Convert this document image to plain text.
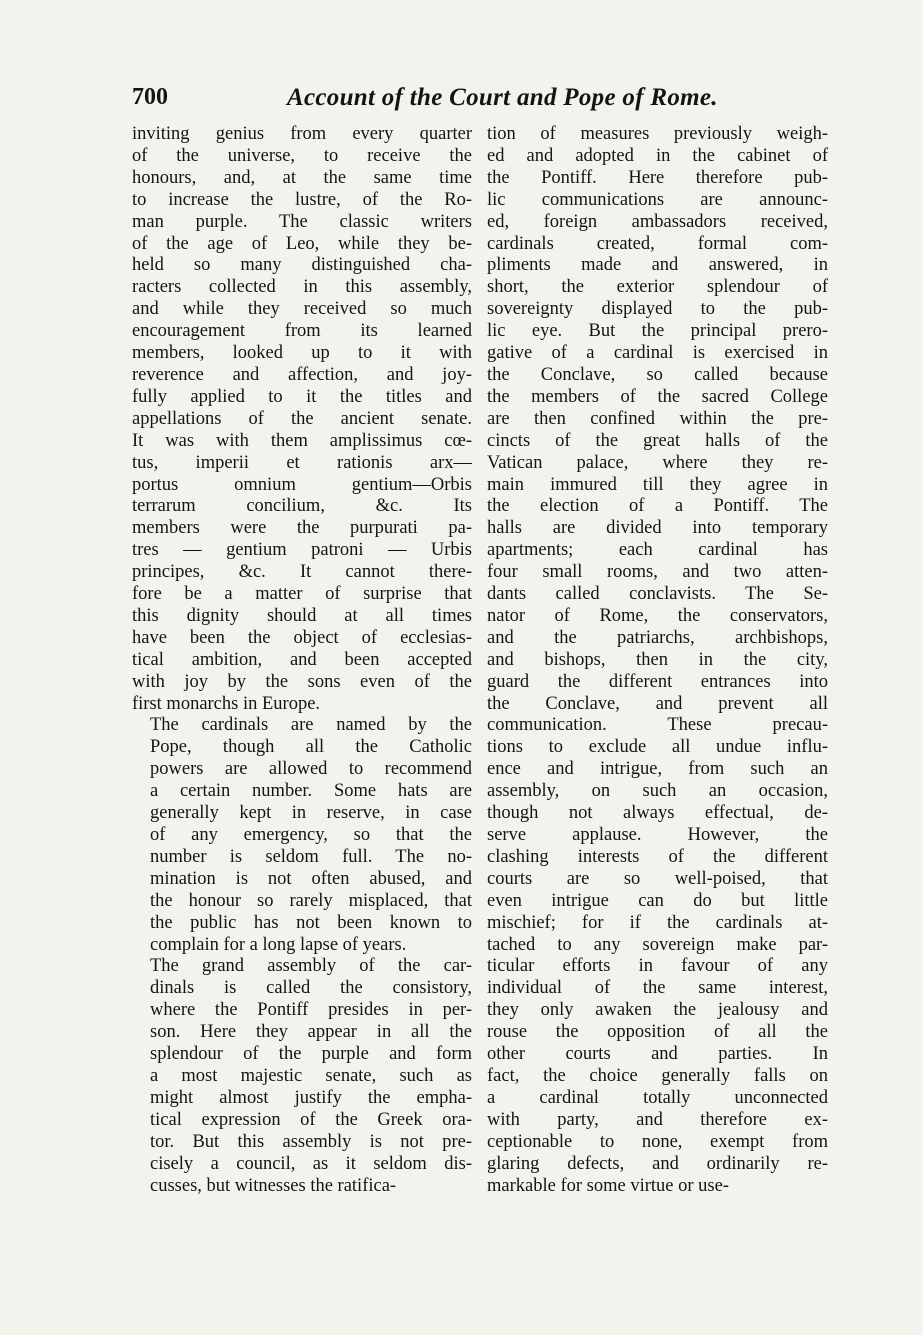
700	Account of the Court and Pope of Rome.

inviting genius from every quarter
of the universe, to receive the
honours, and, at the same time
to increase the lustre, of the Ro-
man purple. The classic writers
of the age of Leo, while they be-
held so many distinguished cha-
racters collected in this assembly,
and while they received so much
encouragement from its learned
members, looked up to it with
reverence and affection, and joy-
fully applied to it the titles and
appellations of the ancient senate.
It was with them amplissimus cœ-
tus, imperii et rationis arx—
portus omnium gentium—Orbis
terrarum concilium, &c. Its
members were the purpurati pa-
tres — gentium patroni — Urbis
principes, &c. It cannot there-
fore be a matter of surprise that
this dignity should at all times
have been the object of ecclesias-
tical ambition, and been accepted
with joy by the sons even of the
first monarchs in Europe.

The cardinals are named by the
Pope, though all the Catholic
powers are allowed to recommend
a certain number. Some hats are
generally kept in reserve, in case
of any emergency, so that the
number is seldom full. The no-
mination is not often abused, and
the honour so rarely misplaced, that
the public has not been known to
complain for a long lapse of years.

The grand assembly of the car-
dinals is called the consistory,
where the Pontiff presides in per-
son. Here they appear in all the
splendour of the purple and form
a most majestic senate, such as
might almost justify the empha-
tical expression of the Greek ora-
tor. But this assembly is not pre-
cisely a council, as it seldom dis-
cusses, but witnesses the ratifica-

tion of measures previously weigh-
ed and adopted in the cabinet of
the Pontiff. Here therefore pub-
lic communications are announc-
ed, foreign ambassadors received,
cardinals created, formal com-
pliments made and answered, in
short, the exterior splendour of
sovereignty displayed to the pub-
lic eye. But the principal prero-
gative of a cardinal is exercised in
the Conclave, so called because
the members of the sacred College
are then confined within the pre-
cincts of the great halls of the
Vatican palace, where they re-
main immured till they agree in
the election of a Pontiff. The
halls are divided into temporary
apartments; each cardinal has
four small rooms, and two atten-
dants called conclavists. The Se-
nator of Rome, the conservators,
and the patriarchs, archbishops,
and bishops, then in the city,
guard the different entrances into
the Conclave, and prevent all
communication. These precau-
tions to exclude all undue influ-
ence and intrigue, from such an
assembly, on such an occasion,
though not always effectual, de-
serve applause. However, the
clashing interests of the different
courts are so well-poised, that
even intrigue can do but little
mischief; for if the cardinals at-
tached to any sovereign make par-
ticular efforts in favour of any
individual of the same interest,
they only awaken the jealousy and
rouse the opposition of all the
other courts and parties. In
fact, the choice generally falls on
a cardinal totally unconnected
with party, and therefore ex-
ceptionable to none, exempt from
glaring defects, and ordinarily re-
markable for some virtue or use-
